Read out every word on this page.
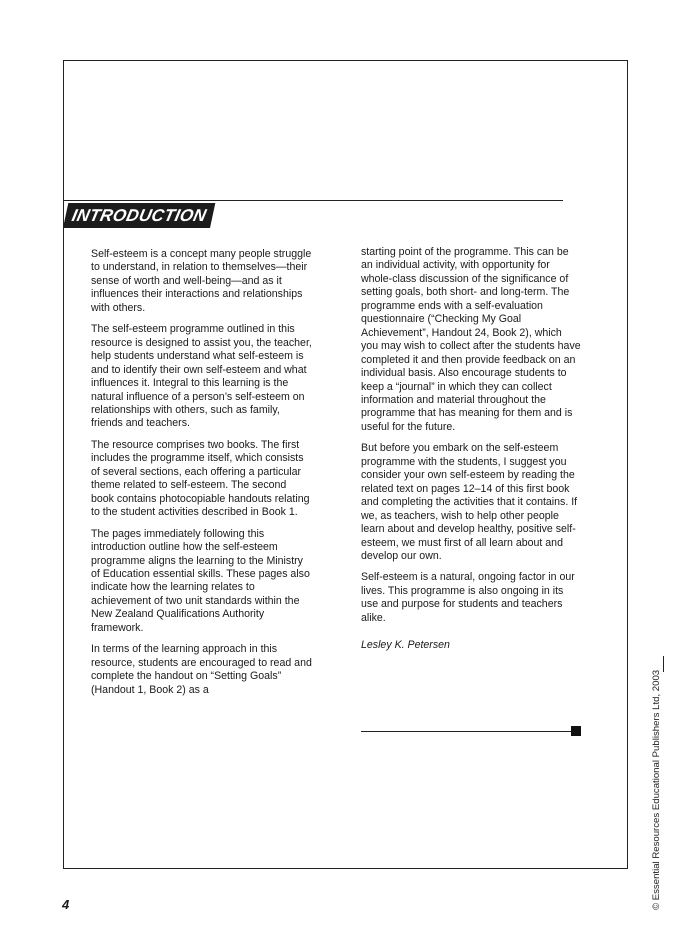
INTRODUCTION

Self-esteem is a concept many people struggle to understand, in relation to themselves—their sense of worth and well-being—and as it influences their interactions and relationships with others.

The self-esteem programme outlined in this resource is designed to assist you, the teacher, help students understand what self-esteem is and to identify their own self-esteem and what influences it. Integral to this learning is the natural influence of a person’s self-esteem on relationships with others, such as family, friends and teachers.

The resource comprises two books. The first includes the programme itself, which consists of several sections, each offering a particular theme related to self-esteem. The second book contains photocopiable handouts relating to the student activities described in Book 1.

The pages immediately following this introduction outline how the self-esteem programme aligns the learning to the Ministry of Education essential skills. These pages also indicate how the learning relates to achievement of two unit standards within the New Zealand Qualifications Authority framework.

In terms of the learning approach in this resource, students are encouraged to read and complete the handout on “Setting Goals” (Handout 1, Book 2) as a

starting point of the programme. This can be an individual activity, with opportunity for whole-class discussion of the significance of setting goals, both short- and long-term. The programme ends with a self-evaluation questionnaire (“Checking My Goal Achievement”, Handout 24, Book 2), which you may wish to collect after the students have completed it and then provide feedback on an individual basis. Also encourage students to keep a “journal” in which they can collect information and material throughout the programme that has meaning for them and is useful for the future.

But before you embark on the self-esteem programme with the students, I suggest you consider your own self-esteem by reading the related text on pages 12–14 of this first book and completing the activities that it contains. If we, as teachers, wish to help other people learn about and develop healthy, positive self-esteem, we must first of all learn about and develop our own.

Self-esteem is a natural, ongoing factor in our lives. This programme is also ongoing in its use and purpose for students and teachers alike.

Lesley K. Petersen

4	© Essential Resources Educational Publishers Ltd, 2003
